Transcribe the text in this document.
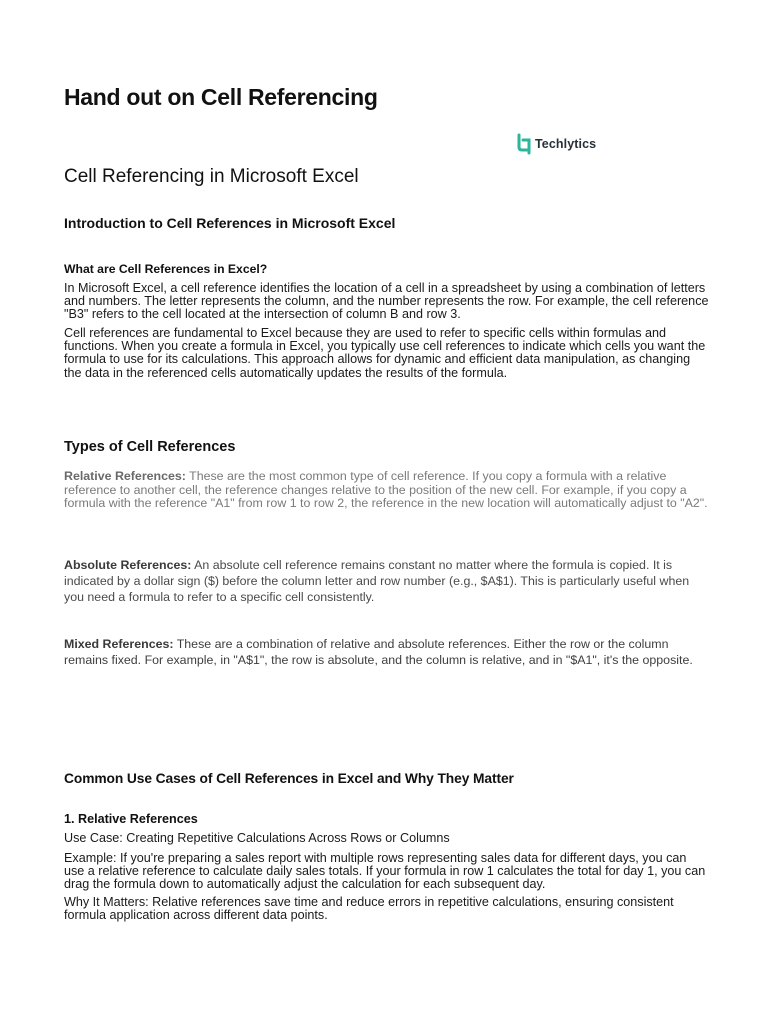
Hand out on Cell Referencing
Techlytics
Cell Referencing in Microsoft Excel
Introduction to Cell References in Microsoft Excel
What are Cell References in Excel?

In Microsoft Excel, a cell reference identifies the location of a cell in a spreadsheet by using a combination of letters and numbers. The letter represents the column, and the number represents the row. For example, the cell reference "B3" refers to the cell located at the intersection of column B and row 3.

Cell references are fundamental to Excel because they are used to refer to specific cells within formulas and functions. When you create a formula in Excel, you typically use cell references to indicate which cells you want the formula to use for its calculations. This approach allows for dynamic and efficient data manipulation, as changing the data in the referenced cells automatically updates the results of the formula.

Types of Cell References

Relative References: These are the most common type of cell reference. If you copy a formula with a relative reference to another cell, the reference changes relative to the position of the new cell. For example, if you copy a formula with the reference "A1" from row 1 to row 2, the reference in the new location will automatically adjust to "A2".

Absolute References: An absolute cell reference remains constant no matter where the formula is copied. It is indicated by a dollar sign ($) before the column letter and row number (e.g., $A$1). This is particularly useful when you need a formula to refer to a specific cell consistently.

Mixed References: These are a combination of relative and absolute references. Either the row or the column remains fixed. For example, in "A$1", the row is absolute, and the column is relative, and in "$A1", it's the opposite.

Common Use Cases of Cell References in Excel and Why They Matter
1. Relative References

Use Case: Creating Repetitive Calculations Across Rows or Columns

Example: If you're preparing a sales report with multiple rows representing sales data for different days, you can use a relative reference to calculate daily sales totals. If your formula in row 1 calculates the total for day 1, you can drag the formula down to automatically adjust the calculation for each subsequent day.

Why It Matters: Relative references save time and reduce errors in repetitive calculations, ensuring consistent formula application across different data points.
